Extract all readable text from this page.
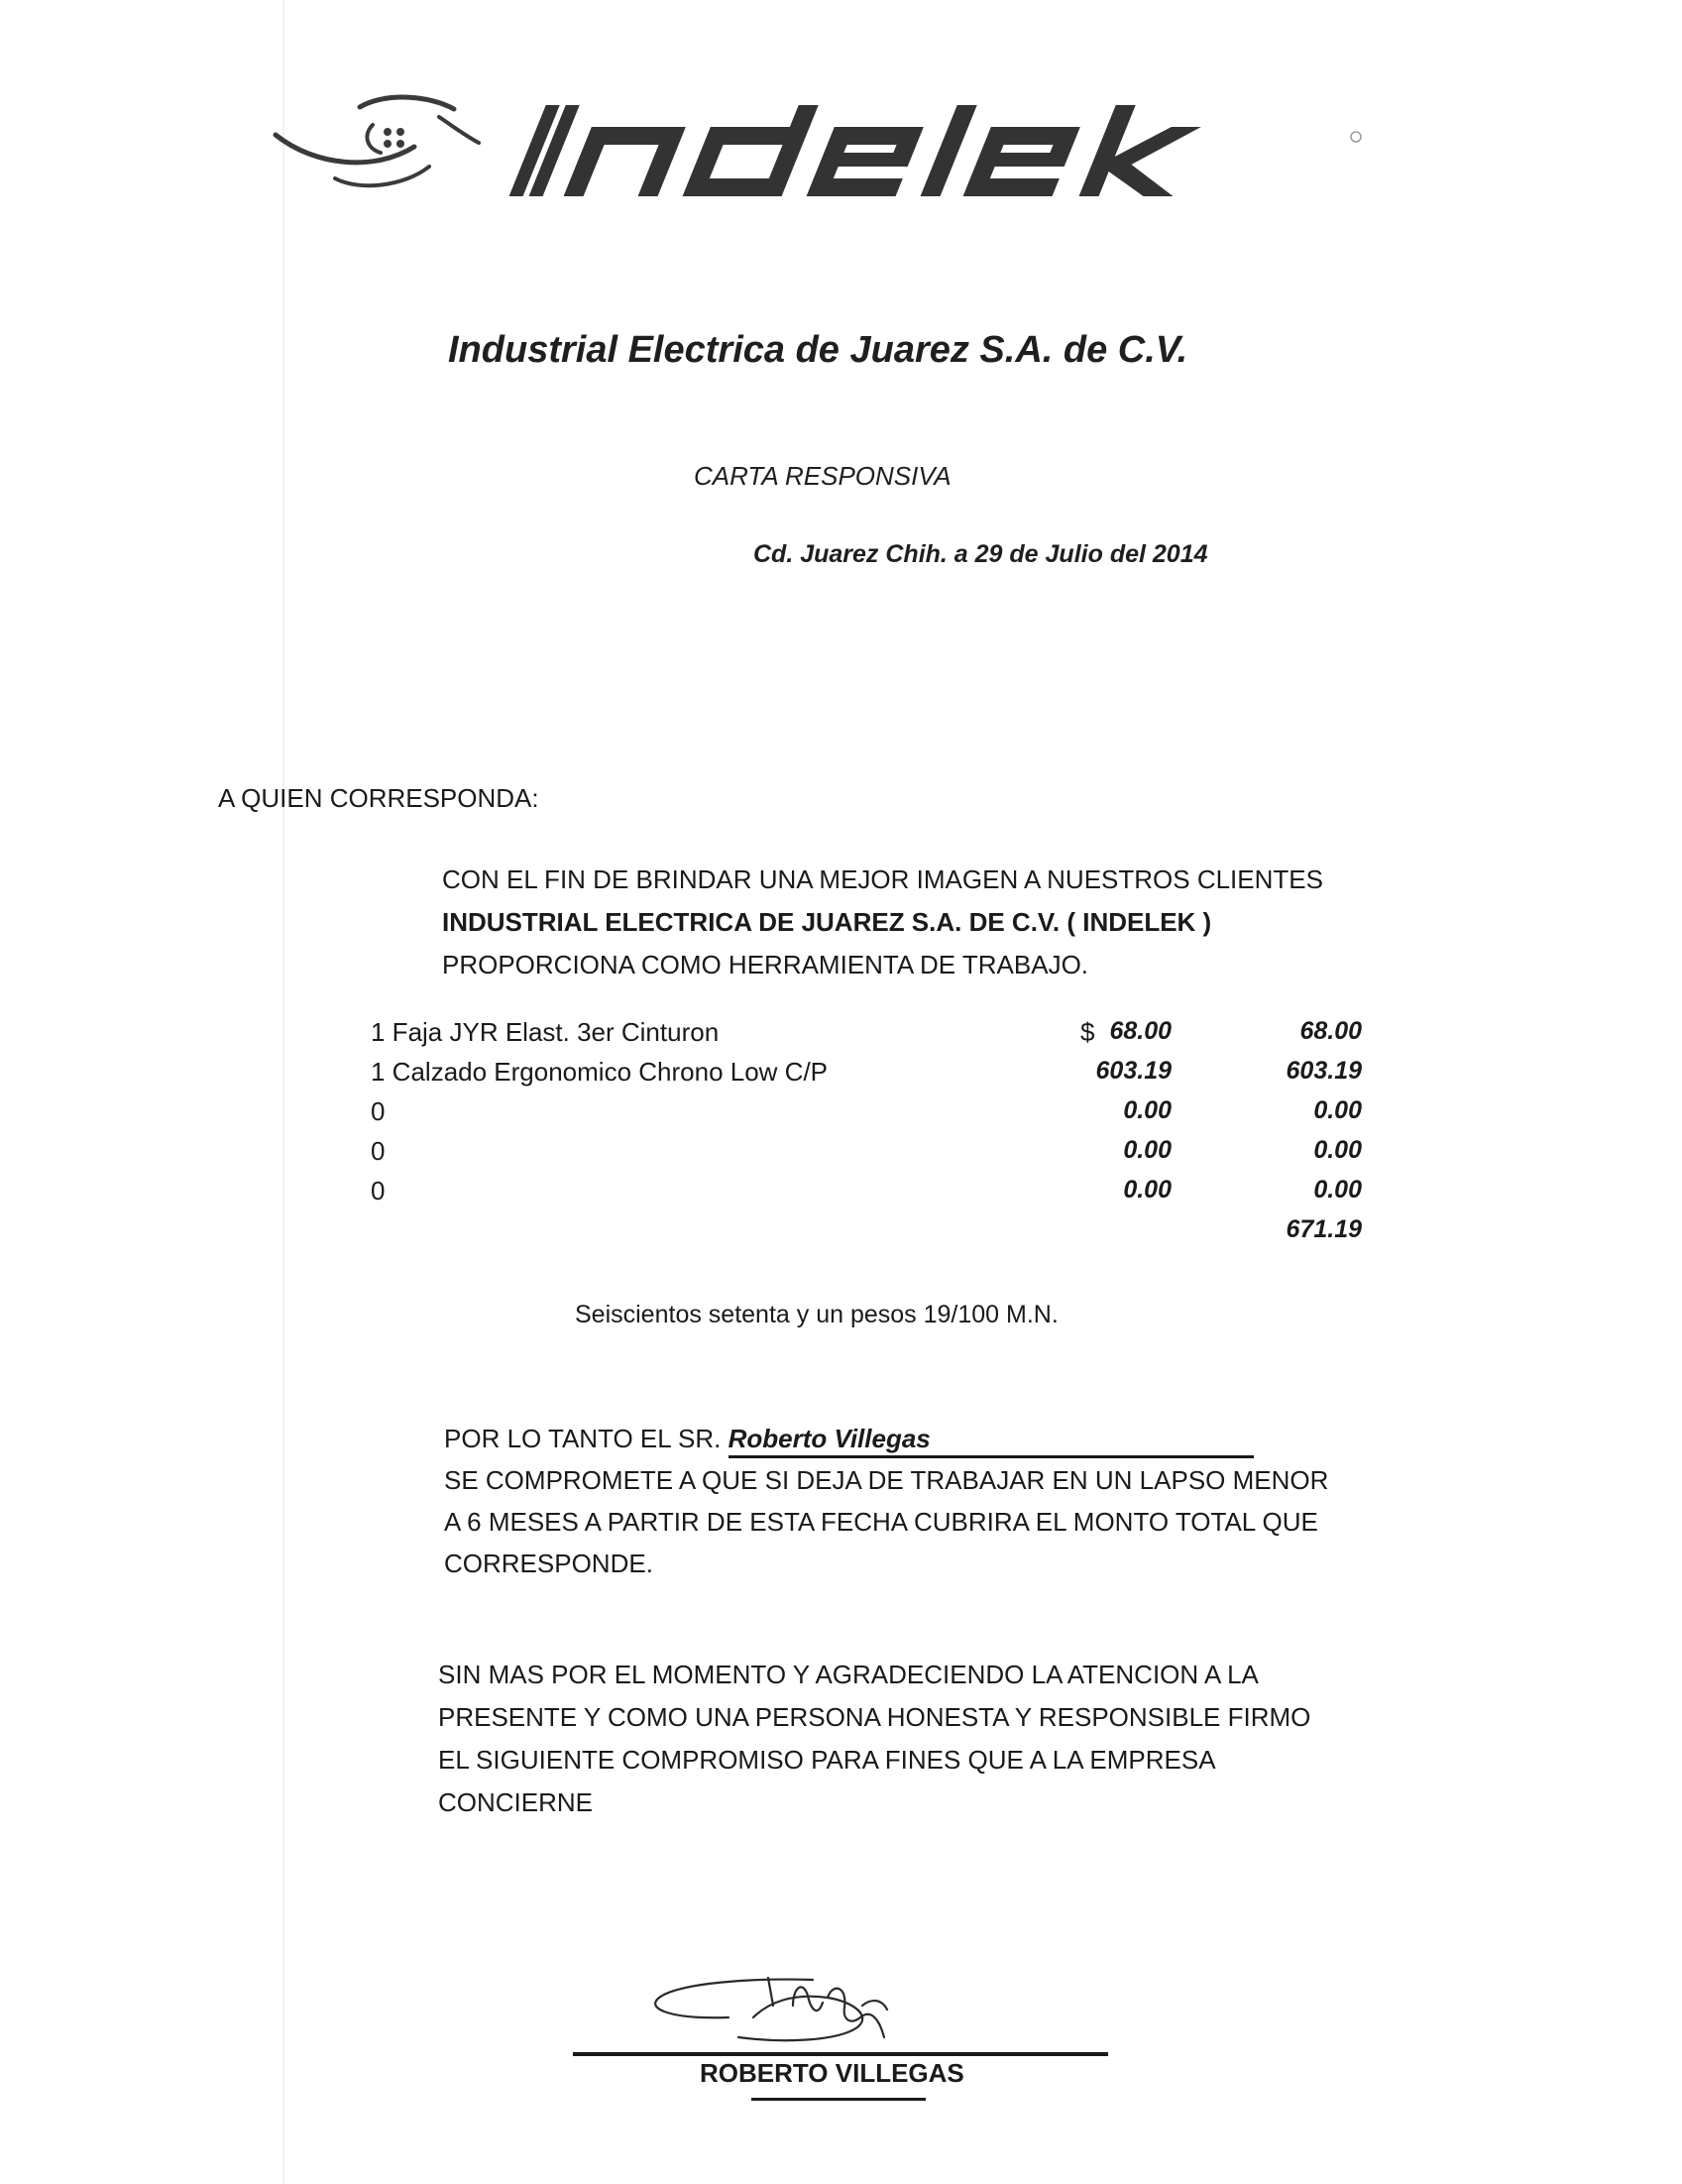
Industrial Electrica de Juarez S.A. de C.V.
CARTA RESPONSIVA
Cd. Juarez Chih. a 29 de Julio del 2014
A QUIEN CORRESPONDA:
CON EL FIN DE BRINDAR UNA MEJOR IMAGEN A NUESTROS CLIENTES
INDUSTRIAL ELECTRICA DE JUAREZ S.A. DE C.V. ( INDELEK )
PROPORCIONA COMO HERRAMIENTA DE TRABAJO.
1 Faja JYR Elast. 3er Cinturon	$ 68.00	68.00
1 Calzado Ergonomico Chrono Low C/P	603.19	603.19
0	0.00	0.00
0	0.00	0.00
0	0.00	0.00
671.19
Seiscientos setenta y un pesos 19/100 M.N.
POR LO TANTO EL SR. Roberto Villegas
SE COMPROMETE A QUE SI DEJA DE TRABAJAR EN UN LAPSO MENOR
A 6 MESES A PARTIR DE ESTA FECHA CUBRIRA EL MONTO TOTAL QUE
CORRESPONDE.
SIN MAS POR EL MOMENTO Y AGRADECIENDO LA ATENCION A LA
PRESENTE Y COMO UNA PERSONA HONESTA Y RESPONSIBLE FIRMO
EL SIGUIENTE COMPROMISO PARA FINES QUE A LA EMPRESA
CONCIERNE
ROBERTO VILLEGAS
